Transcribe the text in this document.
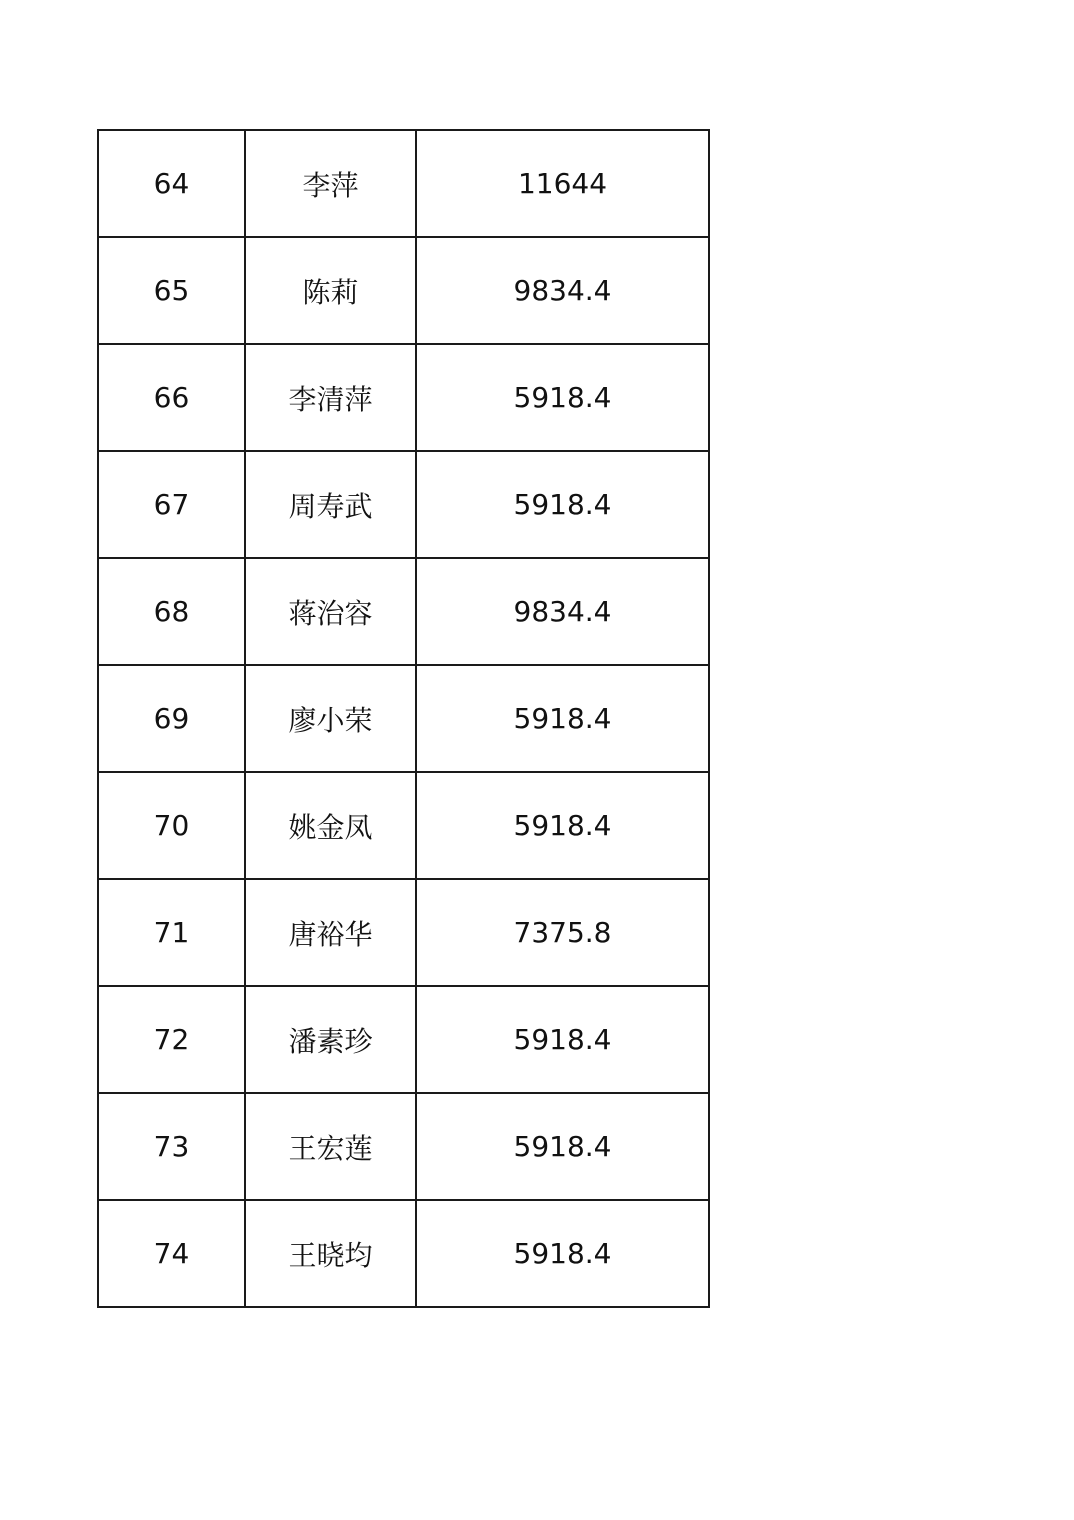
64	李萍	11644
65	陈莉	9834.4
66	李清萍	5918.4
67	周寿武	5918.4
68	蒋治容	9834.4
69	廖小荣	5918.4
70	姚金凤	5918.4
71	唐裕华	7375.8
72	潘素珍	5918.4
73	王宏莲	5918.4
74	王晓均	5918.4
